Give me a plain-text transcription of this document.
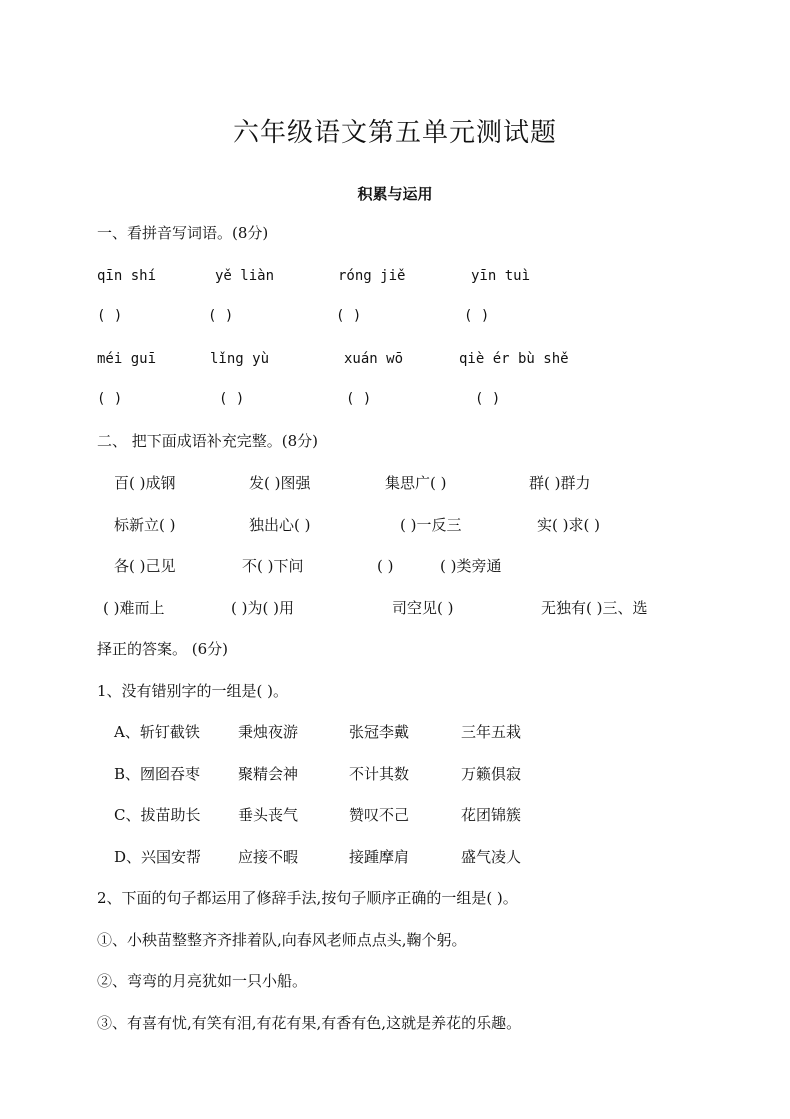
六年级语文第五单元测试题
积累与运用
一、看拼音写词语。(8分)
qīn shí	yě liàn	róng jiě	yīn tuì
( )	( )	( )	( )
méi guī	lǐng yù	xuán wō	qiè ér bù shě
( )	( )	( )	( )
二、 把下面成语补充完整。(8分)
百( )成钢	发( )图强	集思广( )	群( )群力
标新立( )	独出心( )	( )一反三	实( )求( )
各( )己见	不( )下问	( )	( )类旁通
( )难而上	( )为( )用	司空见( )	无独有( )三、选
择正的答案。 (6分)
1、没有错别字的一组是( )。
A、斩钉截铁	秉烛夜游	张冠李戴	三年五栽
B、囫囵吞枣	聚精会神	不计其数	万籁俱寂
C、拔苗助长	垂头丧气	赞叹不己	花团锦簇
D、兴国安帮 应接不暇	接踵摩肩	盛气凌人
2、下面的句子都运用了修辞手法,按句子顺序正确的一组是( )。
①、小秧苗整整齐齐排着队,向春风老师点点头,鞠个躬。
②、弯弯的月亮犹如一只小船。
③、有喜有忧,有笑有泪,有花有果,有香有色,这就是养花的乐趣。
